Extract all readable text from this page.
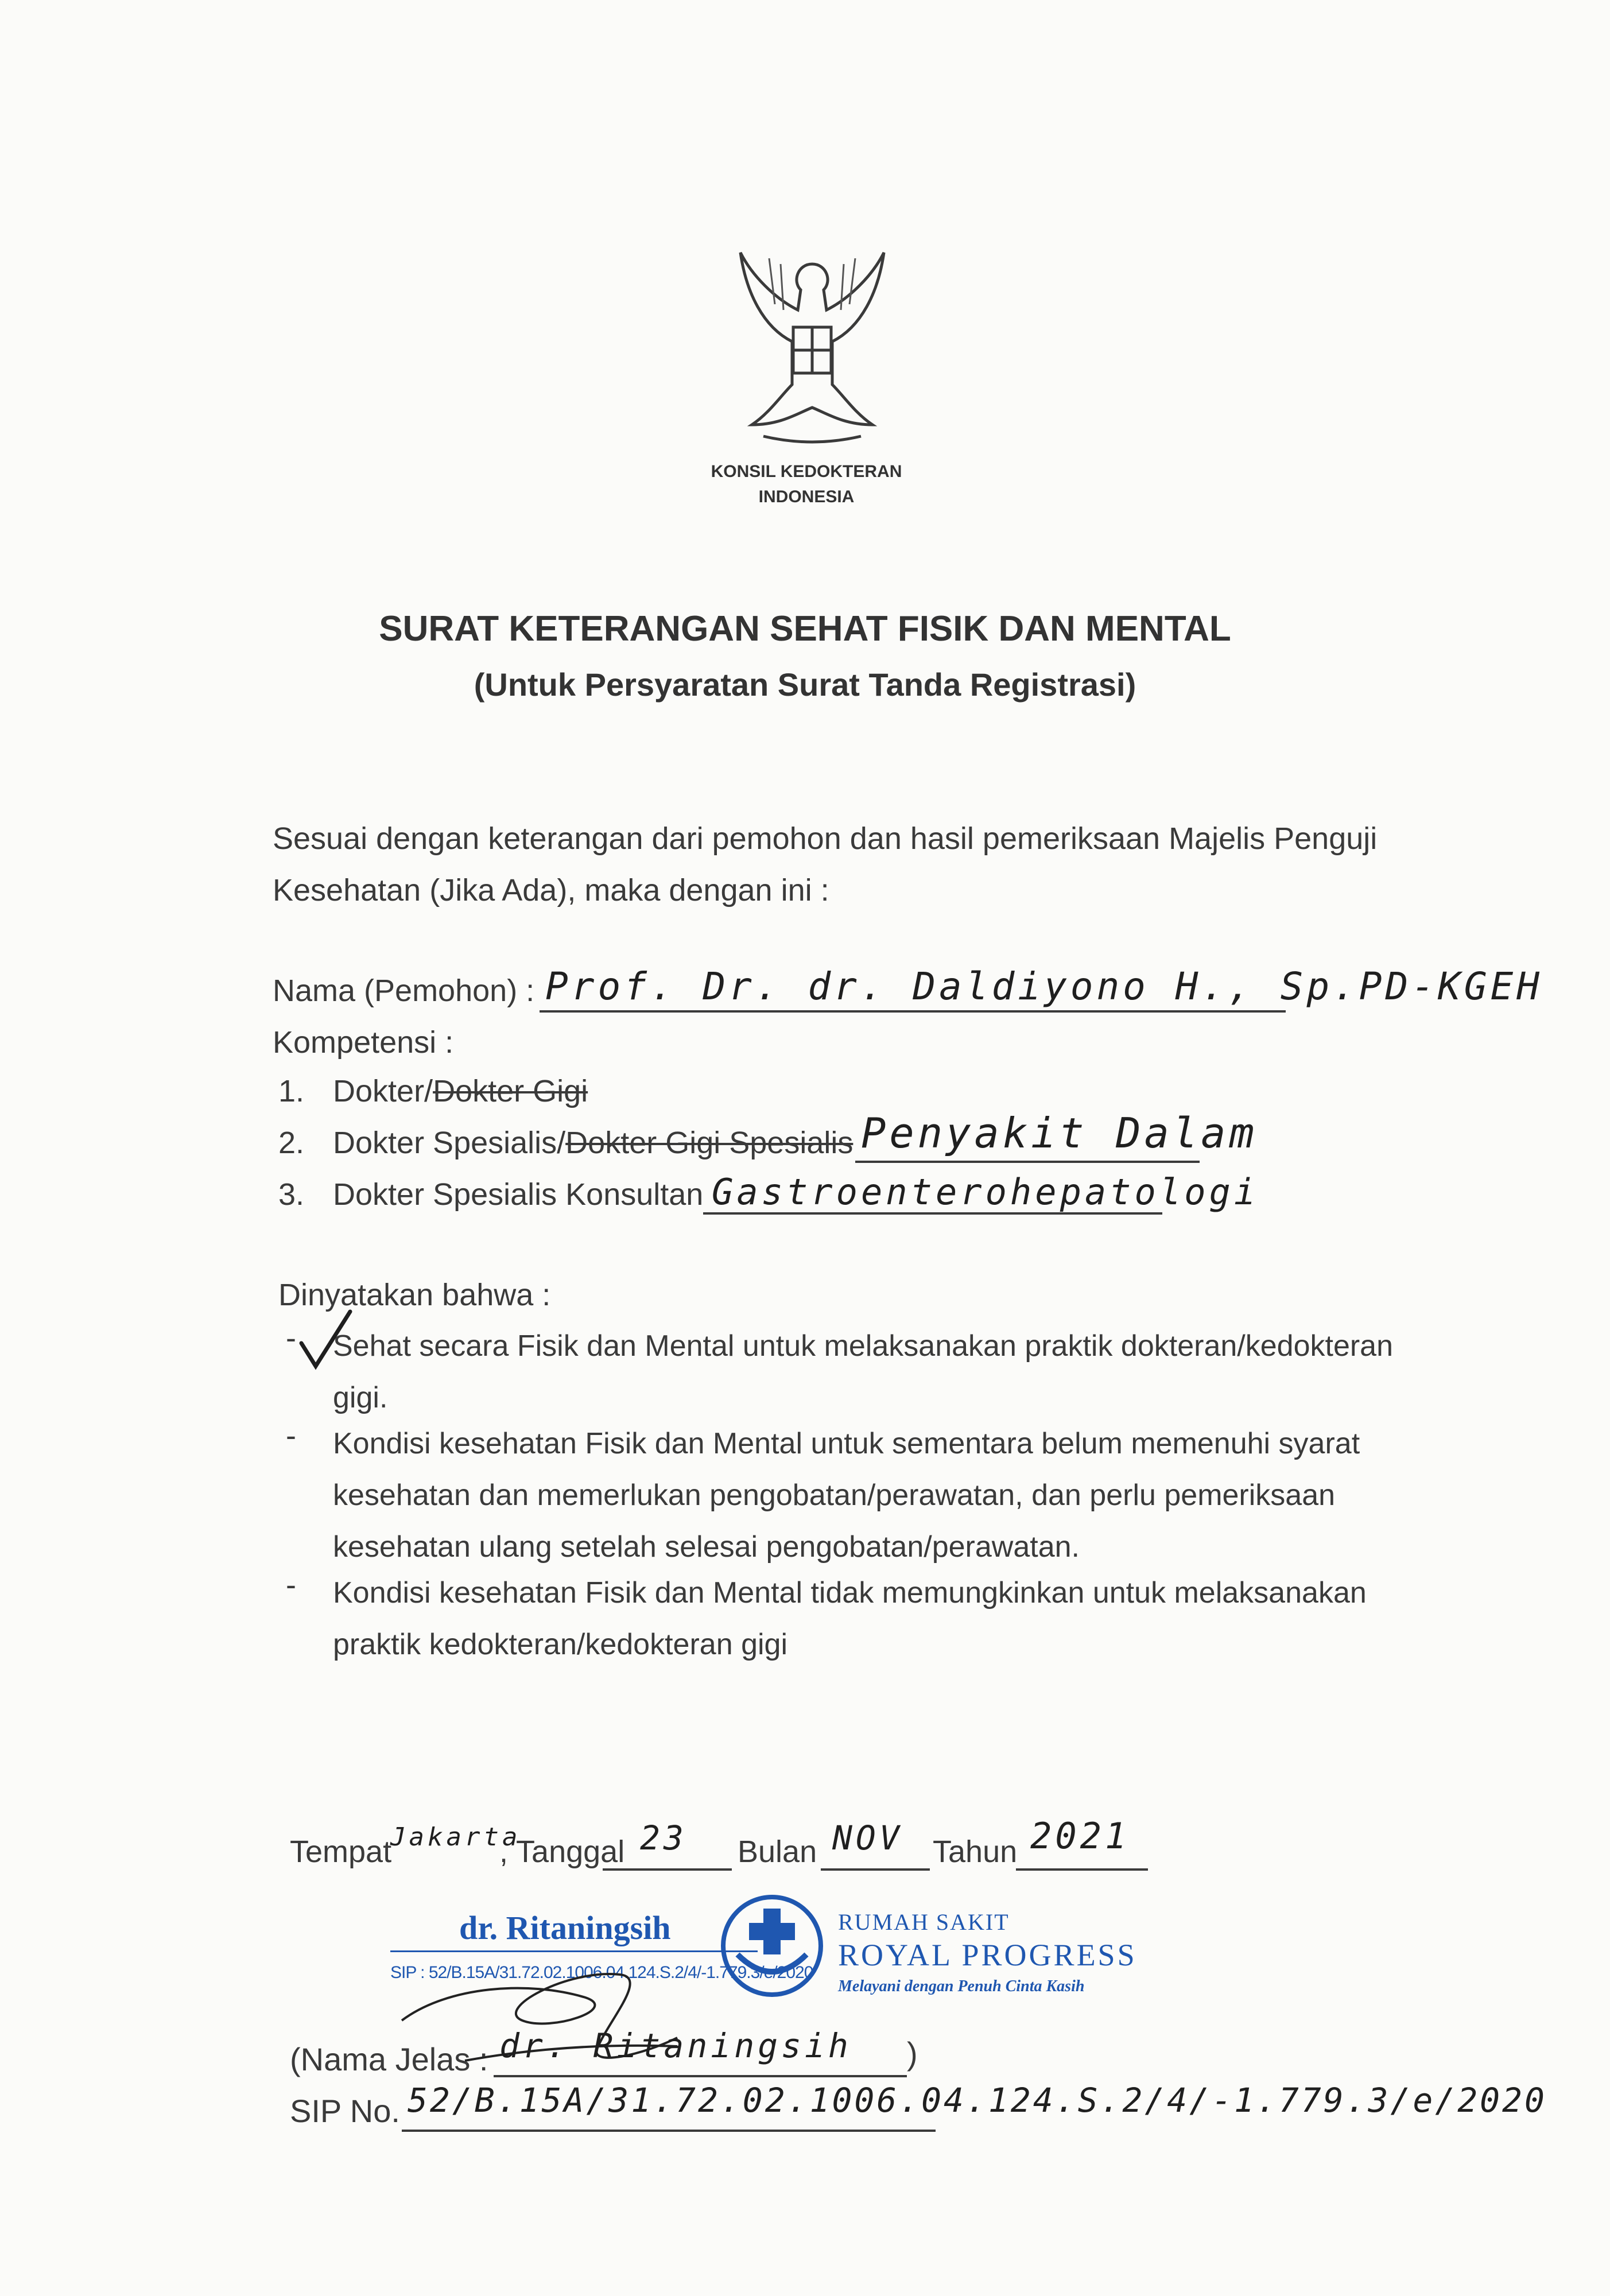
KONSIL KEDOKTERAN
INDONESIA
SURAT KETERANGAN SEHAT FISIK DAN MENTAL
(Untuk Persyaratan Surat Tanda Registrasi)
Sesuai dengan keterangan dari pemohon dan hasil pemeriksaan Majelis Penguji
Kesehatan (Jika Ada), maka dengan ini :
Nama (Pemohon) : Prof. Dr. dr. Daldiyono H., Sp.PD-KGEH
Kompetensi :
1. Dokter/Dokter Gigi
2. Dokter Spesialis/Dokter Gigi Spesialis Penyakit Dalam
3. Dokter Spesialis Konsultan Gastroenterohepatologi
Dinyatakan bahwa :
- Sehat secara Fisik dan Mental untuk melaksanakan praktik dokteran/kedokteran gigi.
- Kondisi kesehatan Fisik dan Mental untuk sementara belum memenuhi syarat kesehatan dan memerlukan pengobatan/perawatan, dan perlu pemeriksaan kesehatan ulang setelah selesai pengobatan/perawatan.
- Kondisi kesehatan Fisik dan Mental tidak memungkinkan untuk melaksanakan praktik kedokteran/kedokteran gigi
Tempat
Jakarta
, Tanggal 23 Bulan NOV Tahun 2021
dr. Ritaningsih
SIP : 52/B.15A/31.72.02.1006.04.124.S.2/4/-1.779.3/e/2020
RUMAH SAKIT
ROYAL PROGRESS
Melayani dengan Penuh Cinta Kasih
(Nama Jelas : dr. Ritaningsih )
SIP No. 52/B.15A/31.72.02.1006.04.124.S.2/4/-1.779.3/e/2020
